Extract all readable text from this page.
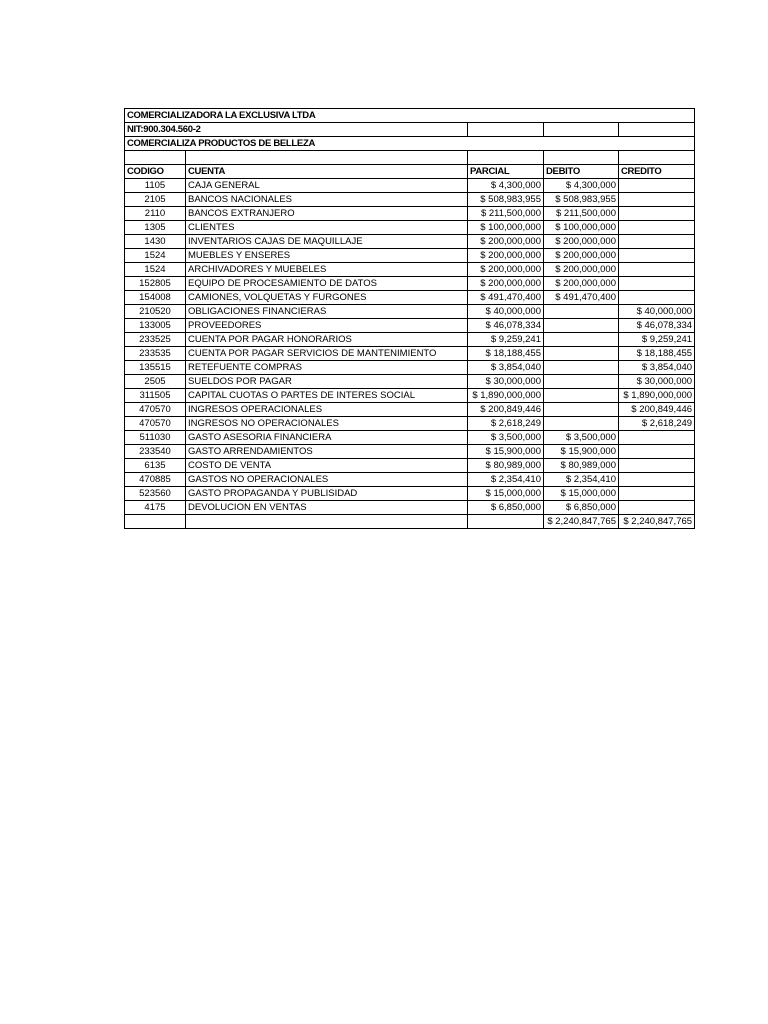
COMERCIALIZADORA LA EXCLUSIVA LTDA				
NIT:900.304.560-2				
COMERCIALIZA PRODUCTOS DE BELLEZA				

CODIGO	CUENTA	PARCIAL	DEBITO	CREDITO
1105	CAJA GENERAL	$ 4,300,000	$ 4,300,000	
2105	BANCOS NACIONALES	$ 508,983,955	$ 508,983,955	
2110	BANCOS EXTRANJERO	$ 211,500,000	$ 211,500,000	
1305	CLIENTES	$ 100,000,000	$ 100,000,000	
1430	INVENTARIOS CAJAS DE MAQUILLAJE	$ 200,000,000	$ 200,000,000	
1524	MUEBLES Y ENSERES	$ 200,000,000	$ 200,000,000	
1524	ARCHIVADORES Y MUEBELES	$ 200,000,000	$ 200,000,000	
152805	EQUIPO DE PROCESAMIENTO DE DATOS	$ 200,000,000	$ 200,000,000	
154008	CAMIONES, VOLQUETAS Y FURGONES	$ 491,470,400	$ 491,470,400	
210520	OBLIGACIONES FINANCIERAS	$ 40,000,000		$ 40,000,000
133005	PROVEEDORES	$ 46,078,334		$ 46,078,334
233525	CUENTA POR PAGAR HONORARIOS	$ 9,259,241		$ 9,259,241
233535	CUENTA POR PAGAR SERVICIOS DE MANTENIMIENTO	$ 18,188,455		$ 18,188,455
135515	RETEFUENTE COMPRAS	$ 3,854,040		$ 3,854,040
2505	SUELDOS POR PAGAR	$ 30,000,000		$ 30,000,000
311505	CAPITAL CUOTAS O PARTES DE INTERES SOCIAL	$ 1,890,000,000		$ 1,890,000,000
470570	INGRESOS OPERACIONALES	$ 200,849,446		$ 200,849,446
470570	INGRESOS NO OPERACIONALES	$ 2,618,249		$ 2,618,249
511030	GASTO ASESORIA FINANCIERA	$ 3,500,000	$ 3,500,000	
233540	GASTO ARRENDAMIENTOS	$ 15,900,000	$ 15,900,000	
6135	COSTO DE VENTA	$ 80,989,000	$ 80,989,000	
470885	GASTOS NO OPERACIONALES	$ 2,354,410	$ 2,354,410	
523560	GASTO PROPAGANDA Y PUBLISIDAD	$ 15,000,000	$ 15,000,000	
4175	DEVOLUCION EN VENTAS	$ 6,850,000	$ 6,850,000	
			$ 2,240,847,765	$ 2,240,847,765
